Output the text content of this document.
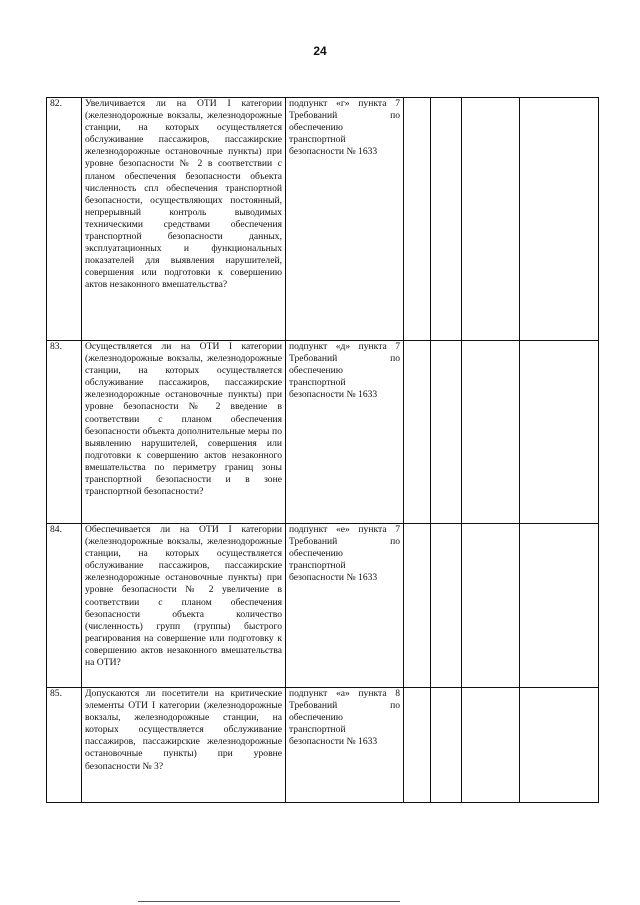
24
82.	Увеличивается ли на ОТИ I категории (железнодорожные вокзалы, железнодорожные станции, на которых осуществляется обслуживание пассажиров, пассажирские железнодорожные остановочные пункты) при уровне безопасности № 2 в соответствии с планом обеспечения безопасности объекта численность спл обеспечения транспортной безопасности, осуществляющих постоянный, непрерывный контроль выводимых техническими средствами обеспечения транспортной безопасности данных, эксплуатационных и функциональных показателей для выявления нарушителей, совершения или подготовки к совершению актов незаконного вмешательства?	подпункт «г» пункта 7 Требований по обеспечению транспортной безопасности № 1633				
83.	Осуществляется ли на ОТИ I категории (железнодорожные вокзалы, железнодорожные станции, на которых осуществляется обслуживание пассажиров, пассажирские железнодорожные остановочные пункты) при уровне безопасности № 2 введение в соответствии с планом обеспечения безопасности объекта дополнительные меры по выявлению нарушителей, совершения или подготовки к совершению актов незаконного вмешательства по периметру границ зоны транспортной безопасности и в зоне транспортной безопасности?	подпункт «д» пункта 7 Требований по обеспечению транспортной безопасности № 1633				
84.	Обеспечивается ли на ОТИ I категории (железнодорожные вокзалы, железнодорожные станции, на которых осуществляется обслуживание пассажиров, пассажирские железнодорожные остановочные пункты) при уровне безопасности № 2 увеличение в соответствии с планом обеспечения безопасности объекта количество (численность) групп (группы) быстрого реагирования на совершение или подготовку к совершению актов незаконного вмешательства на ОТИ?	подпункт «е» пункта 7 Требований по обеспечению транспортной безопасности № 1633				
85.	Допускаются ли посетители на критические элементы ОТИ I категории (железнодорожные вокзалы, железнодорожные станции, на которых осуществляется обслуживание пассажиров, пассажирские железнодорожные остановочные пункты) при уровне безопасности № 3?	подпункт «а» пункта 8 Требований по обеспечению транспортной безопасности № 1633				
